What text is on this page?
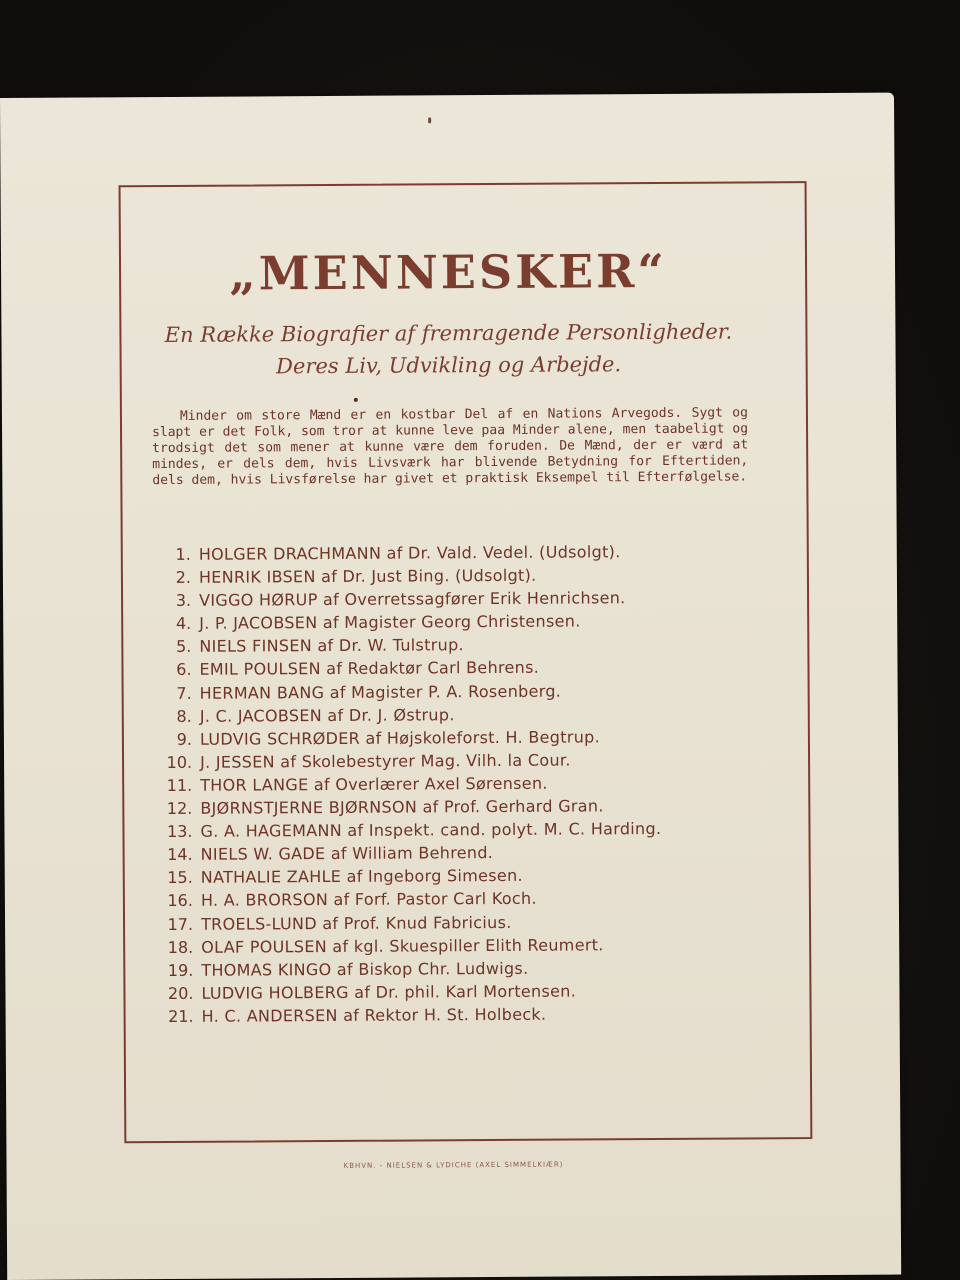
„MENNESKER“
En Række Biografier af fremragende Personligheder.
Deres Liv, Udvikling og Arbejde.

Minder om store Mænd er en kostbar Del af en Nations Arvegods. Sygt og slapt er det Folk, som tror at kunne leve paa Minder alene, men taabeligt og trodsigt det som mener at kunne være dem foruden. De Mænd, der er værd at mindes, er dels dem, hvis Livsværk har blivende Betydning for Eftertiden, dels dem, hvis Livsførelse har givet et praktisk Eksempel til Efterfølgelse.

1. HOLGER DRACHMANN af Dr. Vald. Vedel. (Udsolgt).
2. HENRIK IBSEN af Dr. Just Bing. (Udsolgt).
3. VIGGO HØRUP af Overretssagfører Erik Henrichsen.
4. J. P. JACOBSEN af Magister Georg Christensen.
5. NIELS FINSEN af Dr. W. Tulstrup.
6. EMIL POULSEN af Redaktør Carl Behrens.
7. HERMAN BANG af Magister P. A. Rosenberg.
8. J. C. JACOBSEN af Dr. J. Østrup.
9. LUDVIG SCHRØDER af Højskoleforst. H. Begtrup.
10. J. JESSEN af Skolebestyrer Mag. Vilh. la Cour.
11. THOR LANGE af Overlærer Axel Sørensen.
12. BJØRNSTJERNE BJØRNSON af Prof. Gerhard Gran.
13. G. A. HAGEMANN af Inspekt. cand. polyt. M. C. Harding.
14. NIELS W. GADE af William Behrend.
15. NATHALIE ZAHLE af Ingeborg Simesen.
16. H. A. BRORSON af Forf. Pastor Carl Koch.
17. TROELS-LUND af Prof. Knud Fabricius.
18. OLAF POULSEN af kgl. Skuespiller Elith Reumert.
19. THOMAS KINGO af Biskop Chr. Ludwigs.
20. LUDVIG HOLBERG af Dr. phil. Karl Mortensen.
21. H. C. ANDERSEN af Rektor H. St. Holbeck.
KBHVN. - NIELSEN & LYDICHE (AXEL SIMMELKIÆR)
